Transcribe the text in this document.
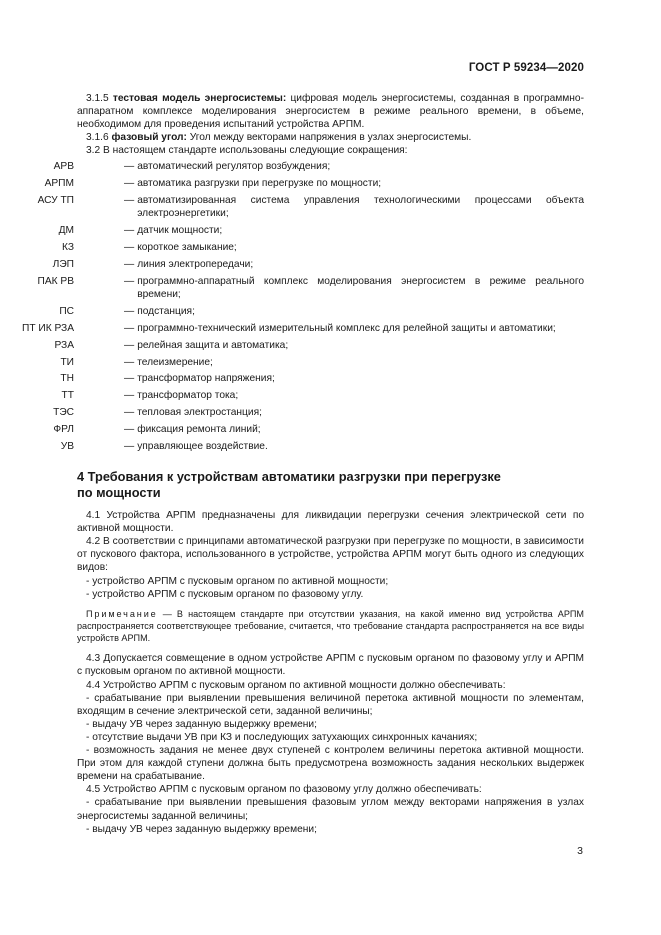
ГОСТ Р 59234—2020

3.1.5 тестовая модель энергосистемы: цифровая модель энергосистемы, созданная в программно-аппаратном комплексе моделирования энергосистем в режиме реального времени, в объеме, необходимом для проведения испытаний устройства АРПМ.

3.1.6 фазовый угол: Угол между векторами напряжения в узлах энергосистемы.

3.2 В настоящем стандарте использованы следующие сокращения:

АРВ	— автоматический регулятор возбуждения;
АРПМ	— автоматика разгрузки при перегрузке по мощности;
АСУ ТП	— автоматизированная система управления технологическими процессами объекта электроэнергетики;
ДМ	— датчик мощности;
КЗ	— короткое замыкание;
ЛЭП	— линия электропередачи;
ПАК РВ	— программно-аппаратный комплекс моделирования энергосистем в режиме реального времени;
ПС	— подстанция;
ПТ ИК РЗА	— программно-технический измерительный комплекс для релейной защиты и автоматики;
РЗА	— релейная защита и автоматика;
ТИ	— телеизмерение;
ТН	— трансформатор напряжения;
ТТ	— трансформатор тока;
ТЭС	— тепловая электростанция;
ФРЛ	— фиксация ремонта линий;
УВ	— управляющее воздействие.
4 Требования к устройствам автоматики разгрузки при перегрузке по мощности

4.1 Устройства АРПМ предназначены для ликвидации перегрузки сечения электрической сети по активной мощности.

4.2 В соответствии с принципами автоматической разгрузки при перегрузке по мощности, в зависимости от пускового фактора, использованного в устройстве, устройства АРПМ могут быть одного из следующих видов:

- устройство АРПМ с пусковым органом по активной мощности;

- устройство АРПМ с пусковым органом по фазовому углу.

Примечание — В настоящем стандарте при отсутствии указания, на какой именно вид устройства АРПМ распространяется соответствующее требование, считается, что требование стандарта распространяется на все виды устройств АРПМ.

4.3 Допускается совмещение в одном устройстве АРПМ с пусковым органом по фазовому углу и АРПМ с пусковым органом по активной мощности.

4.4 Устройство АРПМ с пусковым органом по активной мощности должно обеспечивать:

- срабатывание при выявлении превышения величиной перетока активной мощности по элементам, входящим в сечение электрической сети, заданной величины;

- выдачу УВ через заданную выдержку времени;

- отсутствие выдачи УВ при КЗ и последующих затухающих синхронных качаниях;

- возможность задания не менее двух ступеней с контролем величины перетока активной мощности. При этом для каждой ступени должна быть предусмотрена возможность задания нескольких выдержек времени на срабатывание.

4.5 Устройство АРПМ с пусковым органом по фазовому углу должно обеспечивать:

- срабатывание при выявлении превышения фазовым углом между векторами напряжения в узлах энергосистемы заданной величины;

- выдачу УВ через заданную выдержку времени;

3
